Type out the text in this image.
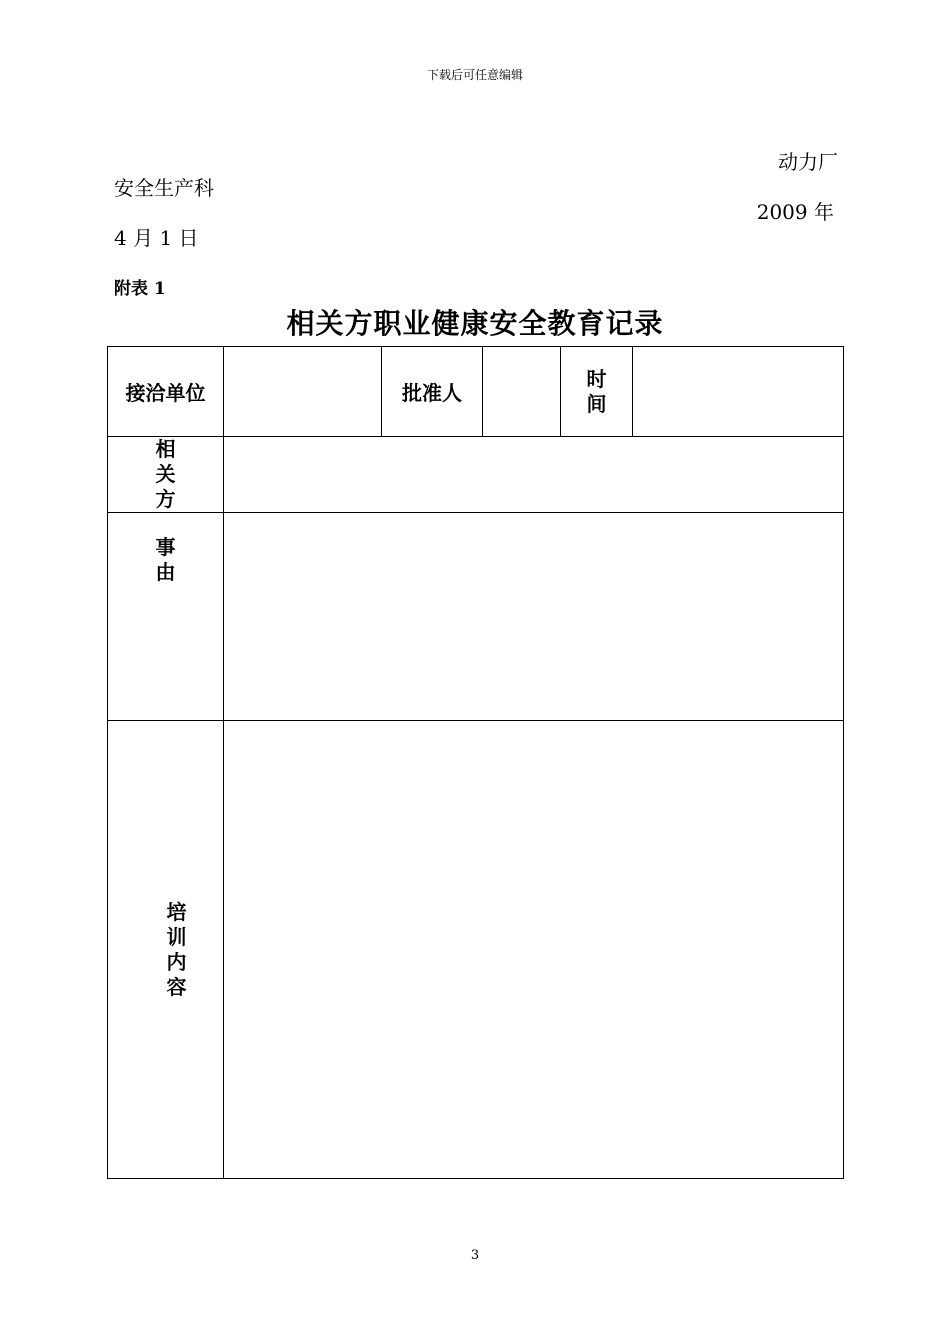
下载后可任意编辑
动力厂
安全生产科
2009 年
4 月 1 日
附表 1
相关方职业健康安全教育记录
接洽单位		批准人		时间	
相关方					
事由					
培训内容					
3
